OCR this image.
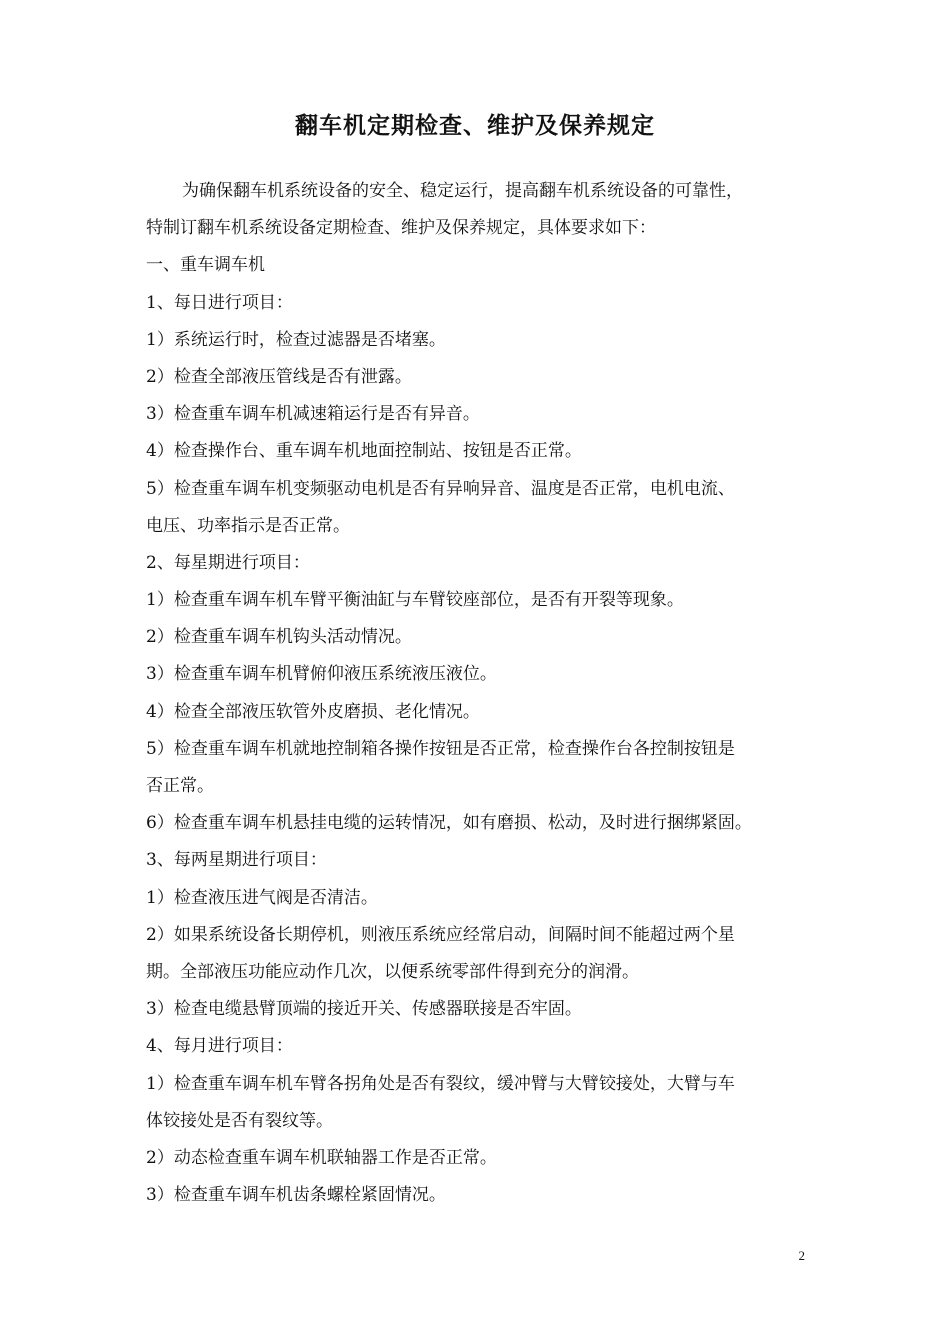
翻车机定期检查、维护及保养规定
为确保翻车机系统设备的安全、稳定运行，提高翻车机系统设备的可靠性，
特制订翻车机系统设备定期检查、维护及保养规定，具体要求如下：
一、重车调车机
1、每日进行项目：
1）系统运行时，检查过滤器是否堵塞。
2）检查全部液压管线是否有泄露。
3）检查重车调车机减速箱运行是否有异音。
4）检查操作台、重车调车机地面控制站、按钮是否正常。
5）检查重车调车机变频驱动电机是否有异响异音、温度是否正常，电机电流、
电压、功率指示是否正常。
2、每星期进行项目：
1）检查重车调车机车臂平衡油缸与车臂铰座部位，是否有开裂等现象。
2）检查重车调车机钩头活动情况。
3）检查重车调车机臂俯仰液压系统液压液位。
4）检查全部液压软管外皮磨损、老化情况。
5）检查重车调车机就地控制箱各操作按钮是否正常，检查操作台各控制按钮是
否正常。
6）检查重车调车机悬挂电缆的运转情况，如有磨损、松动，及时进行捆绑紧固。
3、每两星期进行项目：
1）检查液压进气阀是否清洁。
2）如果系统设备长期停机，则液压系统应经常启动，间隔时间不能超过两个星
期。全部液压功能应动作几次，以便系统零部件得到充分的润滑。
3）检查电缆悬臂顶端的接近开关、传感器联接是否牢固。
4、每月进行项目：
1）检查重车调车机车臂各拐角处是否有裂纹，缓冲臂与大臂铰接处，大臂与车
体铰接处是否有裂纹等。
2）动态检查重车调车机联轴器工作是否正常。
3）检查重车调车机齿条螺栓紧固情况。
2
